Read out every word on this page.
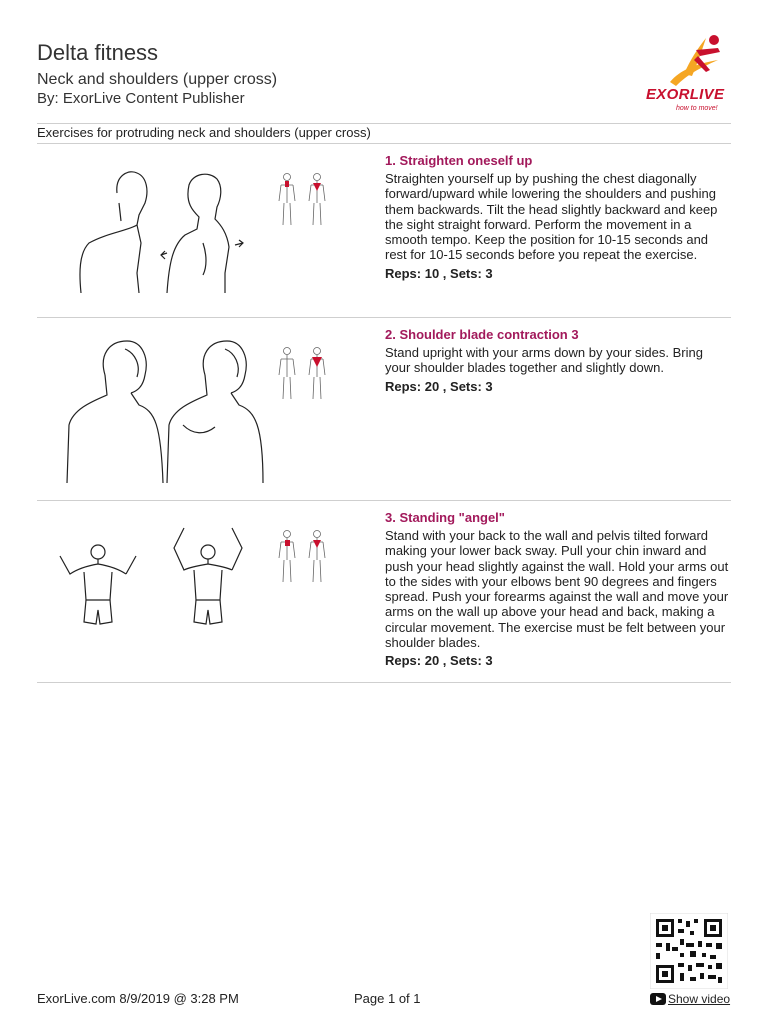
Delta fitness
Neck and shoulders (upper cross)
By: ExorLive Content Publisher	EXORLIVE
how to move!
Exercises for protruding neck and shoulders (upper cross)
1. Straighten oneself up
Straighten yourself up by pushing the chest diagonally forward/upward while lowering the shoulders and pushing them backwards. Tilt the head slightly backward and keep the sight straight forward. Perform the movement in a smooth tempo. Keep the position for 10-15 seconds and rest for 10-15 seconds before you repeat the exercise.
Reps: 10 , Sets: 3
2. Shoulder blade contraction 3
Stand upright with your arms down by your sides. Bring your shoulder blades together and slightly down.
Reps: 20 , Sets: 3
3. Standing "angel"
Stand with your back to the wall and pelvis tilted forward making your lower back sway. Pull your chin inward and push your head slightly against the wall. Hold your arms out to the sides with your elbows bent 90 degrees and fingers spread. Push your forearms against the wall and move your arms on the wall up above your head and back, making a circular movement. The exercise must be felt between your shoulder blades.
Reps: 20 , Sets: 3
ExorLive.com 8/9/2019 @ 3:28 PM	Page 1 of 1	Show video
